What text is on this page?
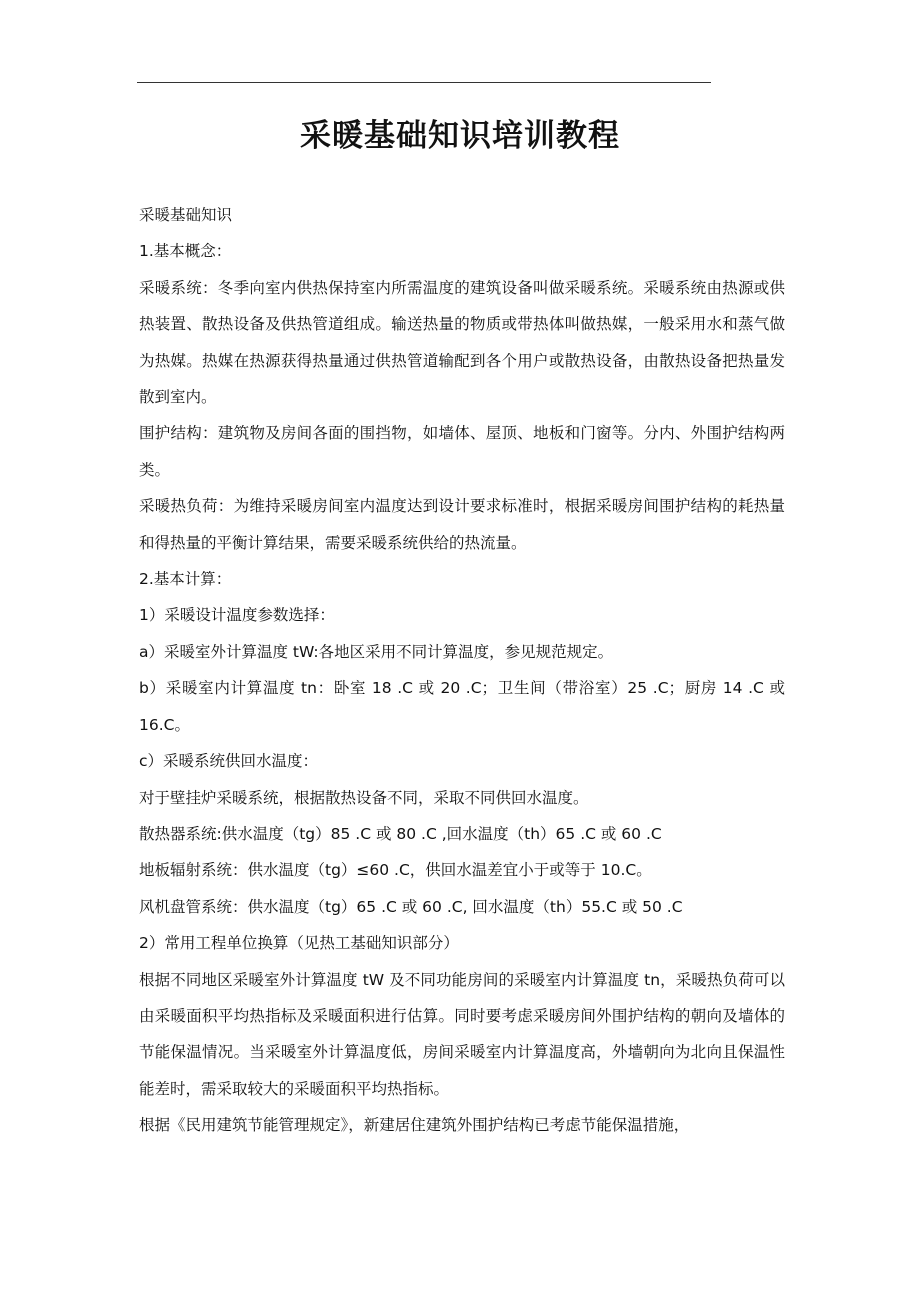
采暖基础知识培训教程

采暖基础知识

1.基本概念：

采暖系统：冬季向室内供热保持室内所需温度的建筑设备叫做采暖系统。采暖系统由热源或供热装置、散热设备及供热管道组成。输送热量的物质或带热体叫做热媒，一般采用水和蒸气做为热媒。热媒在热源获得热量通过供热管道输配到各个用户或散热设备，由散热设备把热量发散到室内。

围护结构：建筑物及房间各面的围挡物，如墙体、屋顶、地板和门窗等。分内、外围护结构两类。

采暖热负荷：为维持采暖房间室内温度达到设计要求标准时，根据采暖房间围护结构的耗热量和得热量的平衡计算结果，需要采暖系统供给的热流量。

2.基本计算：

1）采暖设计温度参数选择：

a）采暖室外计算温度 tW:各地区采用不同计算温度，参见规范规定。

b）采暖室内计算温度 tn：卧室 18 .C 或 20 .C；卫生间（带浴室）25 .C；厨房 14 .C 或 16.C。

c）采暖系统供回水温度：

对于壁挂炉采暖系统，根据散热设备不同，采取不同供回水温度。

散热器系统:供水温度（tg）85 .C 或 80 .C ,回水温度（th）65 .C 或 60 .C

地板辐射系统：供水温度（tg）≤60 .C，供回水温差宜小于或等于 10.C。

风机盘管系统：供水温度（tg）65 .C 或 60 .C, 回水温度（th）55.C 或 50 .C

2）常用工程单位换算（见热工基础知识部分）

根据不同地区采暖室外计算温度 tW 及不同功能房间的采暖室内计算温度 tn，采暖热负荷可以由采暖面积平均热指标及采暖面积进行估算。同时要考虑采暖房间外围护结构的朝向及墙体的节能保温情况。当采暖室外计算温度低，房间采暖室内计算温度高，外墙朝向为北向且保温性能差时，需采取较大的采暖面积平均热指标。

根据《民用建筑节能管理规定》，新建居住建筑外围护结构已考虑节能保温措施，
